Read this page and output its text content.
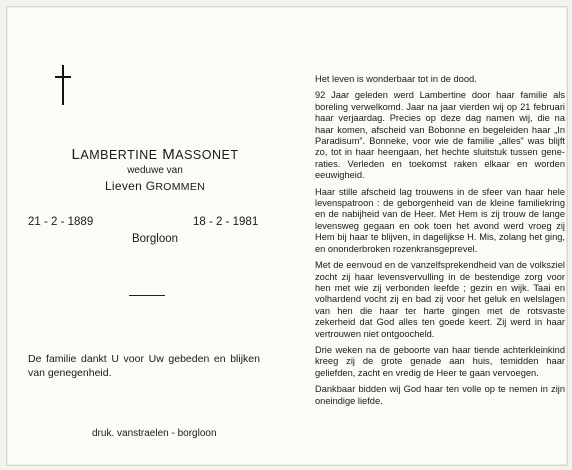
LAMBERTINE MASSONET
weduwe van
Lieven GROMMEN
21 - 2 - 1889	18 - 2 - 1981
Borgloon
De familie dankt U voor Uw gebeden en blijken van genegenheid.
druk. vanstraelen - borgloon

Het leven is wonderbaar tot in de dood.

92 Jaar geleden werd Lambertine door haar familie als boreling verwelkomd. Jaar na jaar vierden wij op 21 februari haar verjaardag. Precies op deze dag namen wij, die na haar komen, afscheid van Bobonne en begeleiden haar „In Paradisum”. Bonneke, voor wie de familie „alles” was blijft zo, tot in haar heengaan, het hechte sluitstuk tussen generaties. Verleden en toekomst raken elkaar en worden eeuwigheid.

Haar stille afscheid lag trouwens in de sfeer van haar hele levenspatroon : de geborgenheid van de kleine familiekring en de nabijheid van de Heer. Met Hem is zij trouw de lange levensweg gegaan en ook toen het avond werd vroeg zij Hem bij haar te blijven, in dagelijkse H. Mis, zolang het ging, en ononderbroken rozenkransgeprevel.

Met de eenvoud en de vanzelfsprekendheid van de volksziel zocht zij haar levensvervulling in de bestendige zorg voor hen met wie zij verbonden leefde ; gezin en wijk. Taai en volhardend vocht zij en bad zij voor het geluk en welslagen van hen die haar ter harte gingen met de rotsvaste zekerheid dat God alles ten goede keert. Zij werd in haar vertrouwen niet ontgoocheld.

Drie weken na de geboorte van haar tiende achterkleinkind kreeg zij de grote genade aan huis, temidden haar geliefden, zacht en vredig de Heer te gaan vervoegen.

Dankbaar bidden wij God haar ten volle op te nemen in zijn oneindige liefde.
